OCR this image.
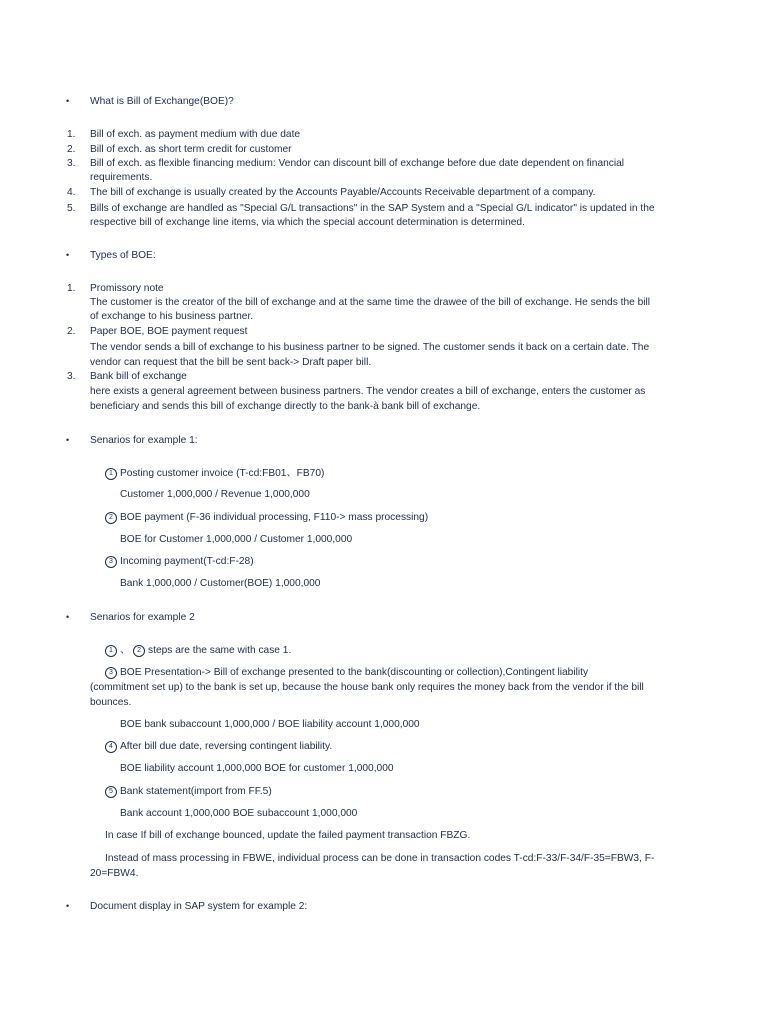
• What is Bill of Exchange(BOE)?
1. Bill of exch. as payment medium with due date
2. Bill of exch. as short term credit for customer
3. Bill of exch. as flexible financing medium: Vendor can discount bill of exchange before due date dependent on financial
requirements.
4. The bill of exchange is usually created by the Accounts Payable/Accounts Receivable department of a company.
5. Bills of exchange are handled as "Special G/L transactions" in the SAP System and a "Special G/L indicator" is updated in the
respective bill of exchange line items, via which the special account determination is determined.
• Types of BOE:
1. Promissory note
The customer is the creator of the bill of exchange and at the same time the drawee of the bill of exchange. He sends the bill
of exchange to his business partner.
2. Paper BOE, BOE payment request
The vendor sends a bill of exchange to his business partner to be signed. The customer sends it back on a certain date. The
vendor can request that the bill be sent back-> Draft paper bill.
3. Bank bill of exchange
here exists a general agreement between business partners. The vendor creates a bill of exchange, enters the customer as
beneficiary and sends this bill of exchange directly to the bank-à bank bill of exchange.
• Senarios for example 1:
1 Posting customer invoice (T-cd:FB01、FB70)
Customer 1,000,000 / Revenue 1,000,000
2 BOE payment (F-36 individual processing, F110-> mass processing)
BOE for Customer 1,000,000 / Customer 1,000,000
3 Incoming payment(T-cd:F-28)
Bank 1,000,000 / Customer(BOE) 1,000,000
• Senarios for example 2
1 、 2 steps are the same with case 1.
3 BOE Presentation-> Bill of exchange presented to the bank(discounting or collection),Contingent liability
(commitment set up) to the bank is set up, because the house bank only requires the money back from the vendor if the bill
bounces.
BOE bank subaccount 1,000,000 / BOE liability account 1,000,000
4 After bill due date, reversing contingent liability.
BOE liability account 1,000,000 BOE for customer 1,000,000
5 Bank statement(import from FF.5)
Bank account 1,000,000 BOE subaccount 1,000,000
In case If bill of exchange bounced, update the failed payment transaction FBZG.
Instead of mass processing in FBWE, individual process can be done in transaction codes T-cd:F-33/F-34/F-35=FBW3, F-
20=FBW4.
• Document display in SAP system for example 2:
